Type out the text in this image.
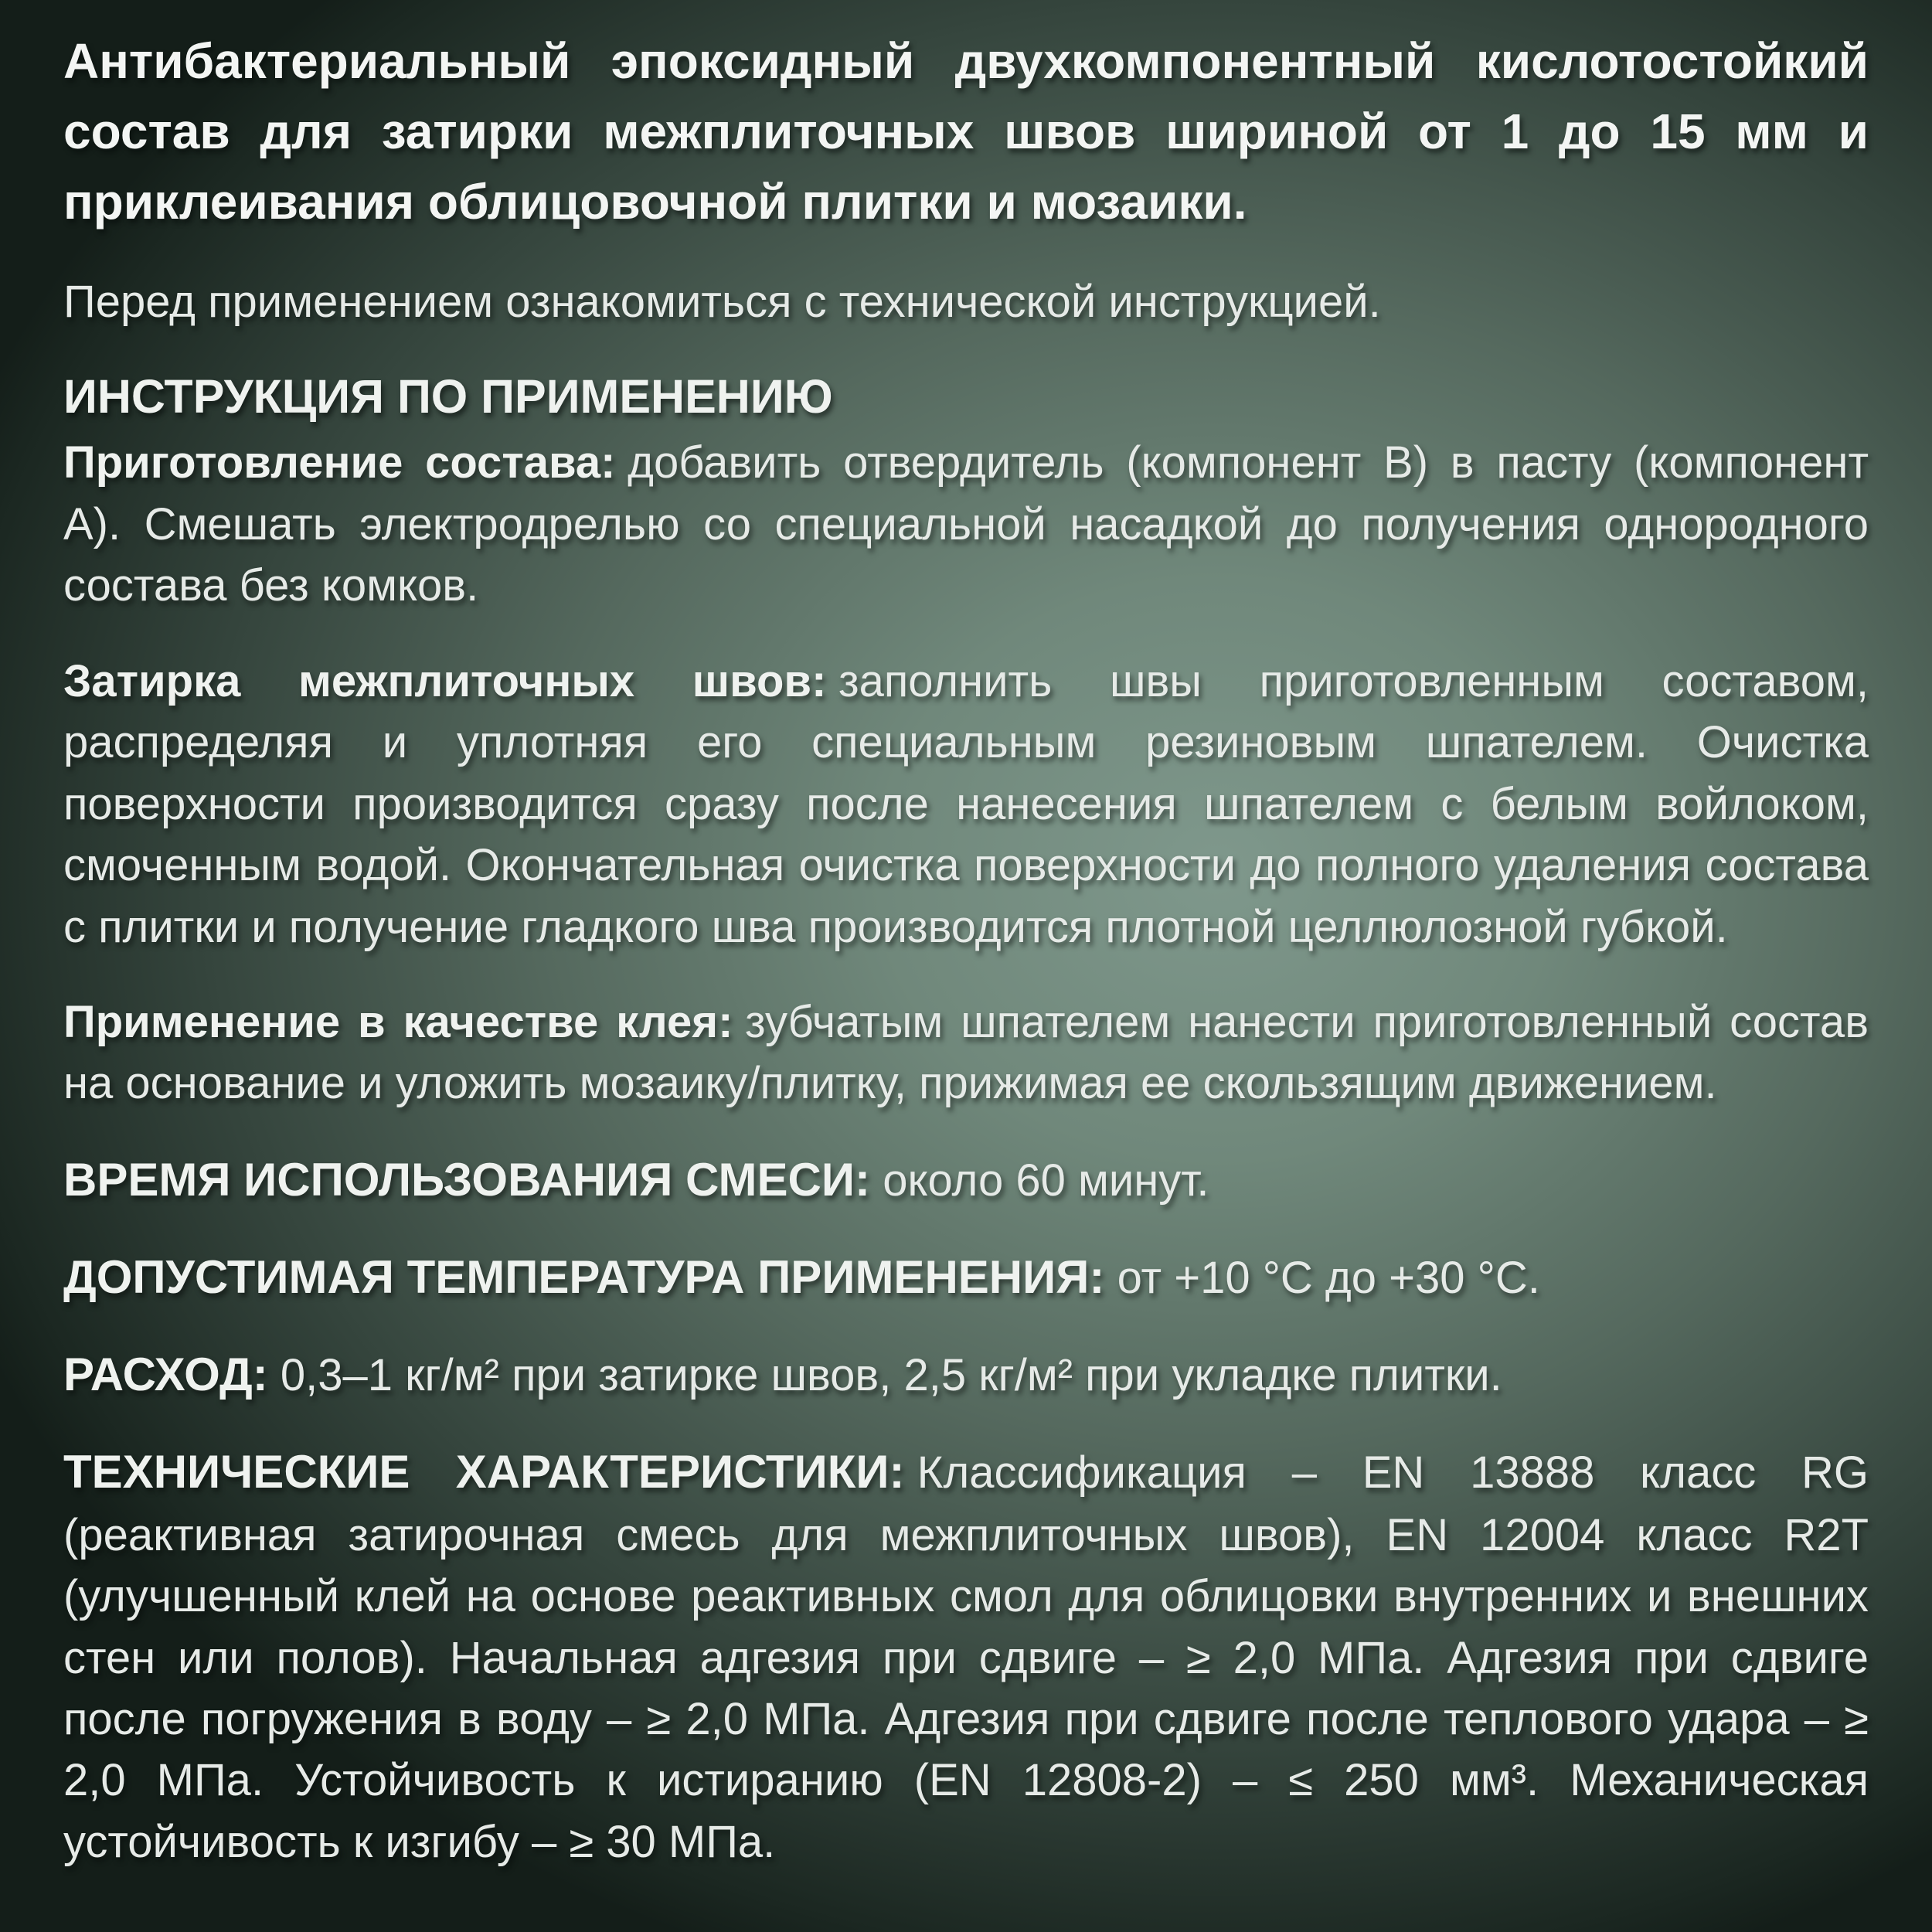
Антибактериальный эпоксидный двухкомпонентный кислотостойкий состав для затирки межплиточных швов шириной от 1 до 15 мм и приклеивания облицовочной плитки и мозаики.

Перед применением ознакомиться с технической инструкцией.

ИНСТРУКЦИЯ ПО ПРИМЕНЕНИЮ

Приготовление состава: добавить отвердитель (компонент В) в пасту (компонент А). Смешать электродрелью со специальной насадкой до получения однородного состава без комков.

Затирка межплиточных швов: заполнить швы приготовленным составом, распределяя и уплотняя его специальным резиновым шпателем. Очистка поверхности производится сразу после нанесения шпателем с белым войлоком, смоченным водой. Окончательная очистка поверхности до полного удаления состава с плитки и получение гладкого шва производится плотной целлюлозной губкой.

Применение в качестве клея: зубчатым шпателем нанести приготовленный состав на основание и уложить мозаику/плитку, прижимая ее скользящим движением.

ВРЕМЯ ИСПОЛЬЗОВАНИЯ СМЕСИ: около 60 минут.

ДОПУСТИМАЯ ТЕМПЕРАТУРА ПРИМЕНЕНИЯ: от +10 °С до +30 °С.

РАСХОД: 0,3–1 кг/м² при затирке швов, 2,5 кг/м² при укладке плитки.

ТЕХНИЧЕСКИЕ ХАРАКТЕРИСТИКИ: Классификация – EN 13888 класс RG (реактивная затирочная смесь для межплиточных швов), EN 12004 класс R2T (улучшенный клей на основе реактивных смол для облицовки внутренних и внешних стен или полов). Начальная адгезия при сдвиге – ≥ 2,0 МПа. Адгезия при сдвиге после погружения в воду – ≥ 2,0 МПа. Адгезия при сдвиге после теплового удара – ≥ 2,0 МПа. Устойчивость к истиранию (EN 12808-2) – ≤ 250 мм³. Механическая устойчивость к изгибу – ≥ 30 МПа.
